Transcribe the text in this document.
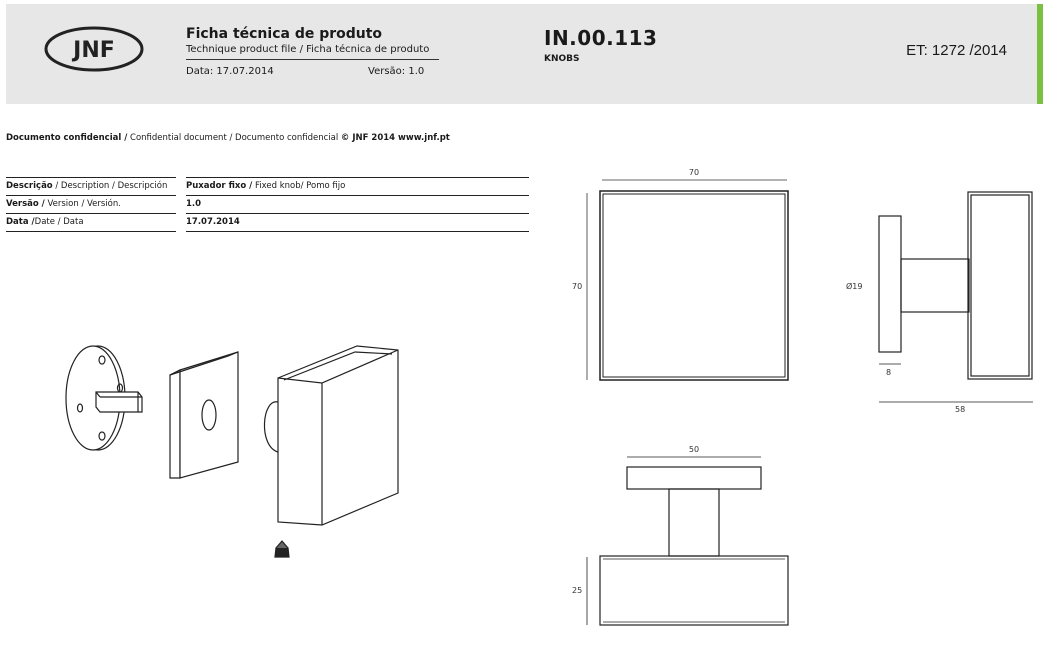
JNF
Ficha técnica de produto
Technique product file / Ficha técnica de produto
Data: 17.07.2014	Versão: 1.0
IN.00.113
KNOBS	ET: 1272 /2014
Documento confidencial / Confidential document / Documento confidencial © JNF 2014 www.jnf.pt
Descrição / Description / Descripción	Puxador fixo / Fixed knob/ Pomo fijo
Versão / Version / Versión.	1.0
Data /Date / Data	17.07.2014
70
70	Ø19
8
58
50
25
